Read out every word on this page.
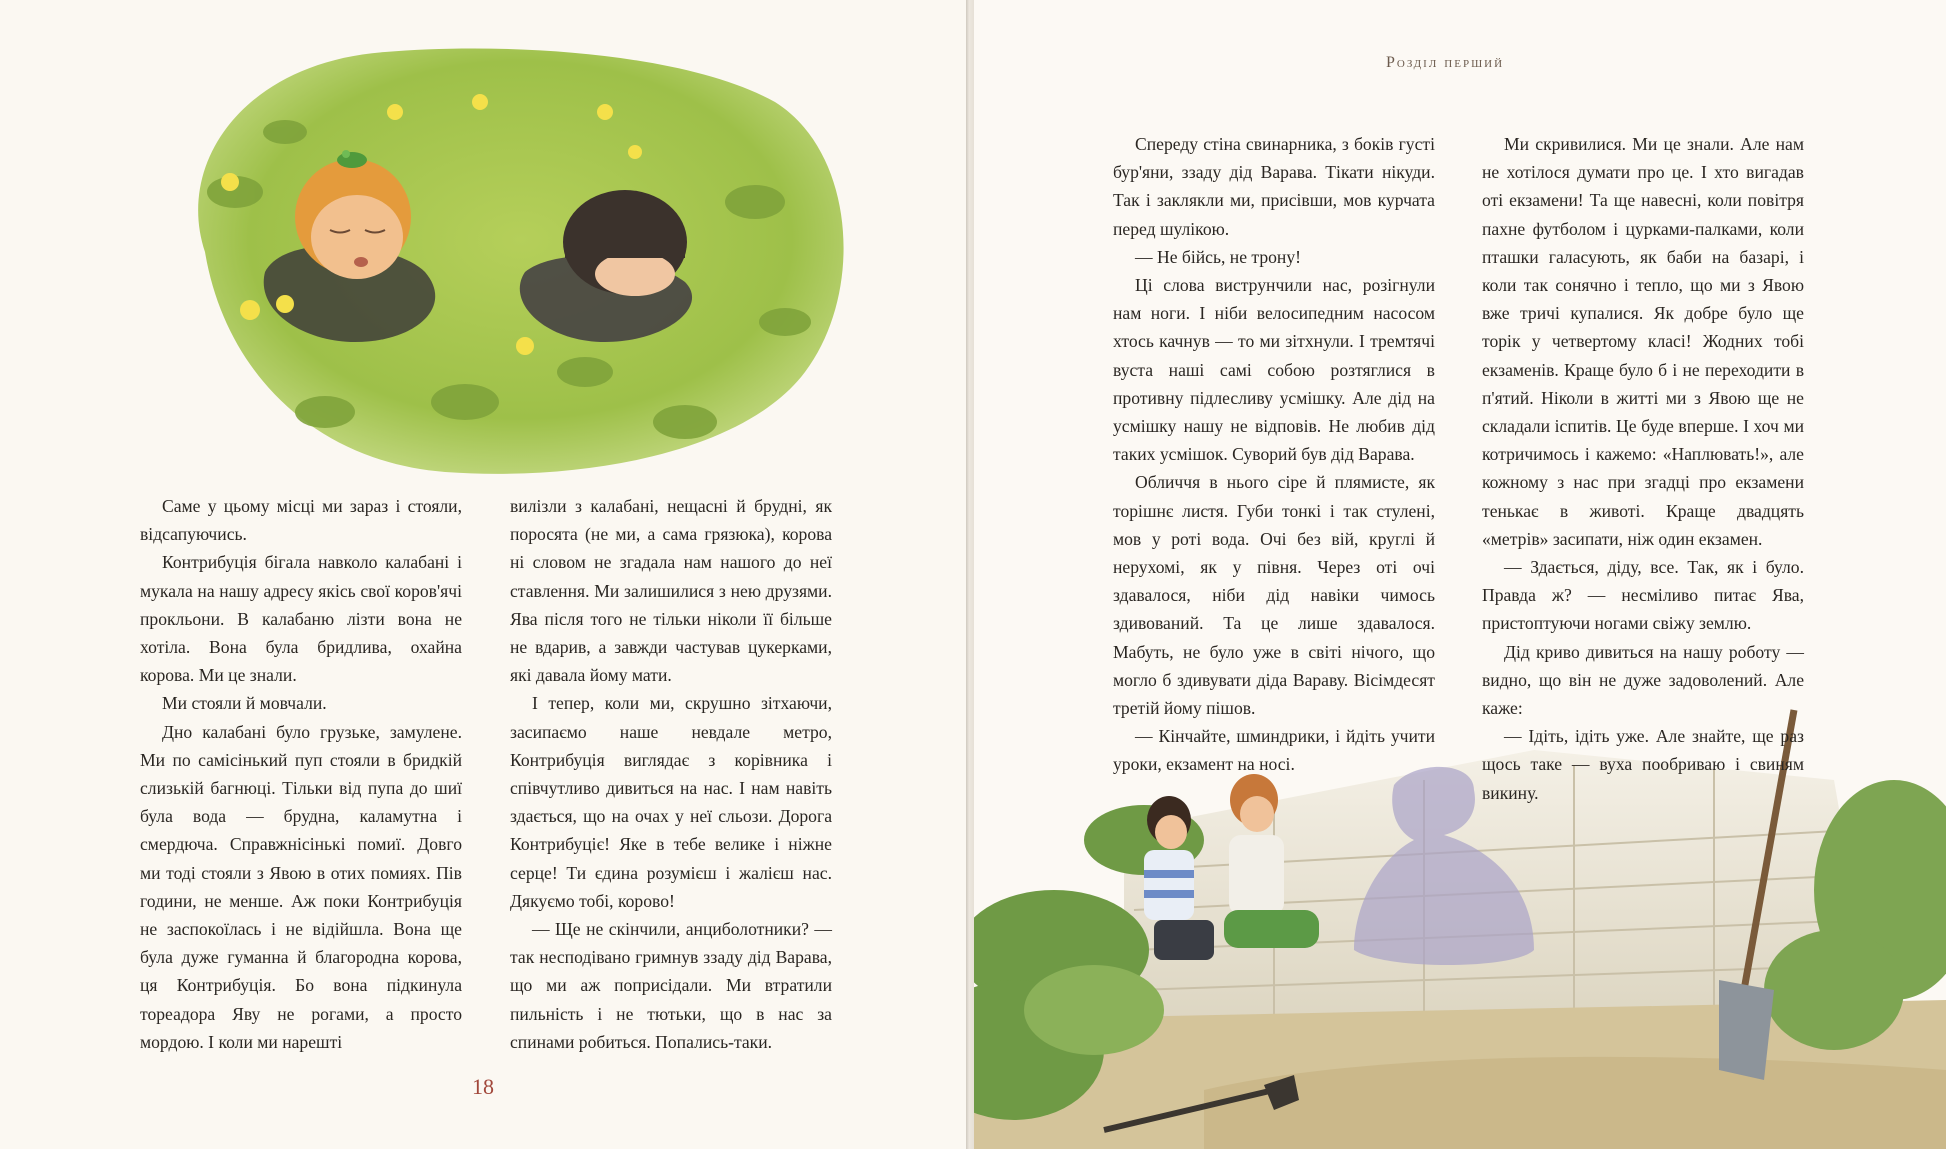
Саме у цьому місці ми зараз і стояли, відсапуючись.

Контрибуція бігала навколо калабані і мукала на нашу адресу якісь свої коров'ячі прокльони. В калабаню лізти вона не хотіла. Вона була бридлива, охайна корова. Ми це знали.

Ми стояли й мовчали.

Дно калабані було грузьке, замулене. Ми по самісінький пуп стояли в бридкій слизькій багнюці. Тільки від пупа до шиї була вода — брудна, каламутна і смердюча. Справжнісінькі помиї. Довго ми тоді стояли з Явою в отих помиях. Пів години, не менше. Аж поки Контрибуція не заспокоїлась і не відійшла. Вона ще була дуже гуманна й благородна корова, ця Контрибуція. Бо вона підкинула тореадора Яву не рогами, а просто мордою. І коли ми нарешті

вилізли з калабані, нещасні й брудні, як поросята (не ми, а сама грязюка), корова ні словом не згадала нам нашого до неї ставлення. Ми залишилися з нею друзями. Ява після того не тільки ніколи її більше не вдарив, а завжди частував цукерками, які давала йому мати.

І тепер, коли ми, скрушно зітхаючи, засипаємо наше невдале метро, Контрибуція виглядає з корівника і співчутливо дивиться на нас. І нам навіть здається, що на очах у неї сльози. Дорога Контрибуціє! Яке в тебе велике і ніжне серце! Ти єдина розумієш і жалієш нас. Дякуємо тобі, корово!

— Ще не скінчили, анциболотники? — так несподівано гримнув ззаду дід Варава, що ми аж поприсідали. Ми втратили пильність і не тютьки, що в нас за спинами робиться. Попались-таки.

18
Розділ перший

Спереду стіна свинарника, з боків густі бур'яни, ззаду дід Варава. Тікати нікуди. Так і заклякли ми, присівши, мов курчата перед шулікою.

— Не бійсь, не трону!

Ці слова виструнчили нас, розігнули нам ноги. І ніби велосипедним насосом хтось качнув — то ми зітхнули. І тремтячі вуста наші самі собою розтяглися в противну підлесливу усмішку. Але дід на усмішку нашу не відповів. Не любив дід таких усмішок. Суворий був дід Варава.

Обличчя в нього сіре й плямисте, як торішнє листя. Губи тонкі і так стулені, мов у роті вода. Очі без вій, круглі й нерухомі, як у півня. Через оті очі здавалося, ніби дід навіки чимось здивований. Та це лише здавалося. Мабуть, не було уже в світі нічого, що могло б здивувати діда Вараву. Вісімдесят третій йому пішов.

— Кінчайте, шминдрики, і йдіть учити уроки, екзамент на носі.

Ми скривилися. Ми це знали. Але нам не хотілося думати про це. І хто вигадав оті екзамени! Та ще навесні, коли повітря пахне футболом і цурками-палками, коли пташки галасують, як баби на базарі, і коли так сонячно і тепло, що ми з Явою вже тричі купалися. Як добре було ще торік у четвертому класі! Жодних тобі екзаменів. Краще було б і не переходити в п'ятий. Ніколи в житті ми з Явою ще не складали іспитів. Це буде вперше. І хоч ми котричимось і кажемо: «Наплювать!», але кожному з нас при згадці про екзамени тенькає в животі. Краще двадцять «метрів» засипати, ніж один екзамен.

— Здається, діду, все. Так, як і було. Правда ж? — несміливо питає Ява, пристоптуючи ногами свіжу землю.

Дід криво дивиться на нашу роботу — видно, що він не дуже задоволений. Але каже:

— Ідіть, ідіть уже. Але знайте, ще раз щось таке — вуха пообриваю і свиням викину.
